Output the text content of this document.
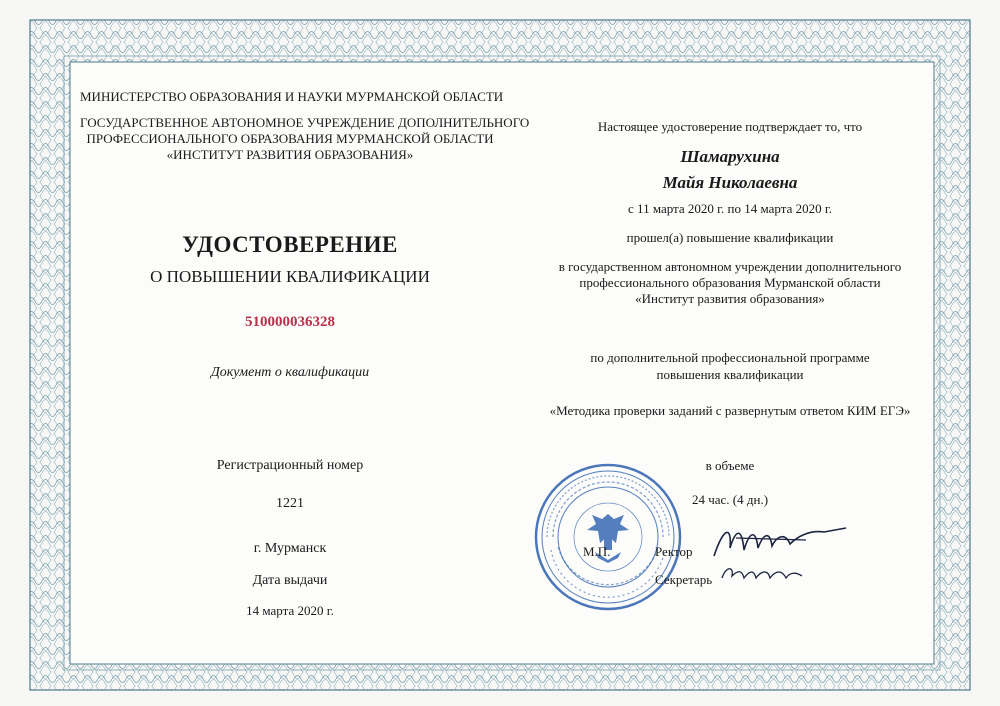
МИНИСТЕРСТВО ОБРАЗОВАНИЯ И НАУКИ МУРМАНСКОЙ ОБЛАСТИ
ГОСУДАРСТВЕННОЕ АВТОНОМНОЕ УЧРЕЖДЕНИЕ ДОПОЛНИТЕЛЬНОГО
ПРОФЕССИОНАЛЬНОГО ОБРАЗОВАНИЯ МУРМАНСКОЙ ОБЛАСТИ
«ИНСТИТУТ РАЗВИТИЯ ОБРАЗОВАНИЯ»
УДОСТОВЕРЕНИЕ
О ПОВЫШЕНИИ КВАЛИФИКАЦИИ
510000036328
Документ о квалификации
Регистрационный номер
1221
г. Мурманск
Дата выдачи
14 марта 2020 г.
Настоящее удостоверение подтверждает то, что
Шамарухина
Майя Николаевна
с 11 марта 2020 г. по 14 марта 2020 г.
прошел(а) повышение квалификации
в государственном автономном учреждении дополнительного
профессионального образования Мурманской области
«Институт развития образования»
по дополнительной профессиональной программе
повышения квалификации
«Методика проверки заданий с развернутым ответом КИМ ЕГЭ»
в объеме
24 час. (4 дн.)
М.П.	Ректор
Секретарь
